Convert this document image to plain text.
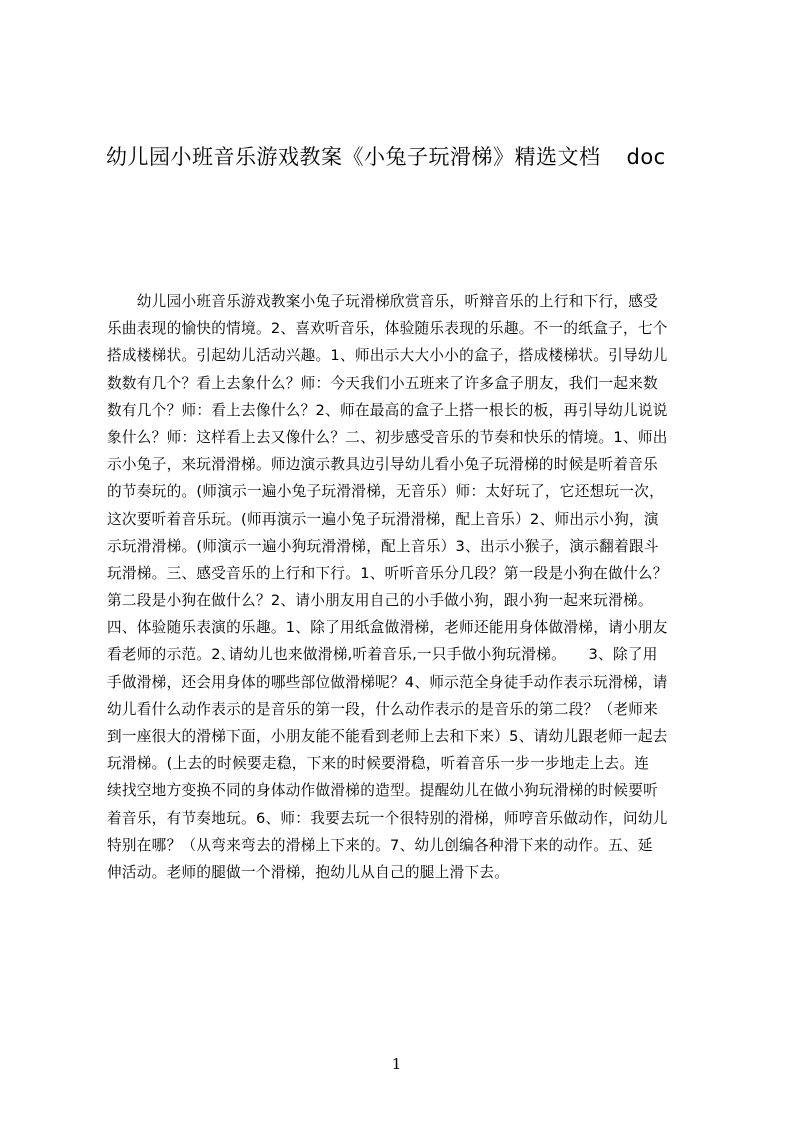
幼儿园小班音乐游戏教案《小兔子玩滑梯》精选文档 doc
　　幼儿园小班音乐游戏教案小兔子玩滑梯欣赏音乐，听辩音乐的上行和下行，感受
乐曲表现的愉快的情境。2、喜欢听音乐，体验随乐表现的乐趣。不一的纸盒子，七个
搭成楼梯状。引起幼儿活动兴趣。1、师出示大大小小的盒子，搭成楼梯状。引导幼儿
数数有几个？看上去象什么？师：今天我们小五班来了许多盒子朋友，我们一起来数
数有几个？师：看上去像什么？2、师在最高的盒子上搭一根长的板，再引导幼儿说说
象什么？师：这样看上去又像什么？二、初步感受音乐的节奏和快乐的情境。1、师出
示小兔子，来玩滑滑梯。师边演示教具边引导幼儿看小兔子玩滑梯的时候是听着音乐
的节奏玩的。(师演示一遍小兔子玩滑滑梯，无音乐）师：太好玩了，它还想玩一次，
这次要听着音乐玩。(师再演示一遍小兔子玩滑滑梯，配上音乐）2、师出示小狗，演
示玩滑滑梯。(师演示一遍小狗玩滑滑梯，配上音乐）3、出示小猴子，演示翻着跟斗
玩滑梯。三、感受音乐的上行和下行。1、听听音乐分几段？第一段是小狗在做什么？
第二段是小狗在做什么？2、请小朋友用自己的小手做小狗，跟小狗一起来玩滑梯。
四、体验随乐表演的乐趣。1、除了用纸盒做滑梯，老师还能用身体做滑梯，请小朋友
看老师的示范。2､请幼儿也来做滑梯,听着音乐,一只手做小狗玩滑梯。　　3、除了用
手做滑梯，还会用身体的哪些部位做滑梯呢？4、师示范全身徒手动作表示玩滑梯，请
幼儿看什么动作表示的是音乐的第一段，什么动作表示的是音乐的第二段？（老师来
到一座很大的滑梯下面，小朋友能不能看到老师上去和下来）5、请幼儿跟老师一起去
玩滑梯。(上去的时候要走稳，下来的时候要滑稳，听着音乐一步一步地走上去。连
续找空地方变换不同的身体动作做滑梯的造型。提醒幼儿在做小狗玩滑梯的时候要听
着音乐，有节奏地玩。6、师：我要去玩一个很特别的滑梯，师哼音乐做动作，问幼儿
特别在哪？（从弯来弯去的滑梯上下来的。7、幼儿创编各种滑下来的动作。五、延
伸活动。老师的腿做一个滑梯，抱幼儿从自己的腿上滑下去。
1
